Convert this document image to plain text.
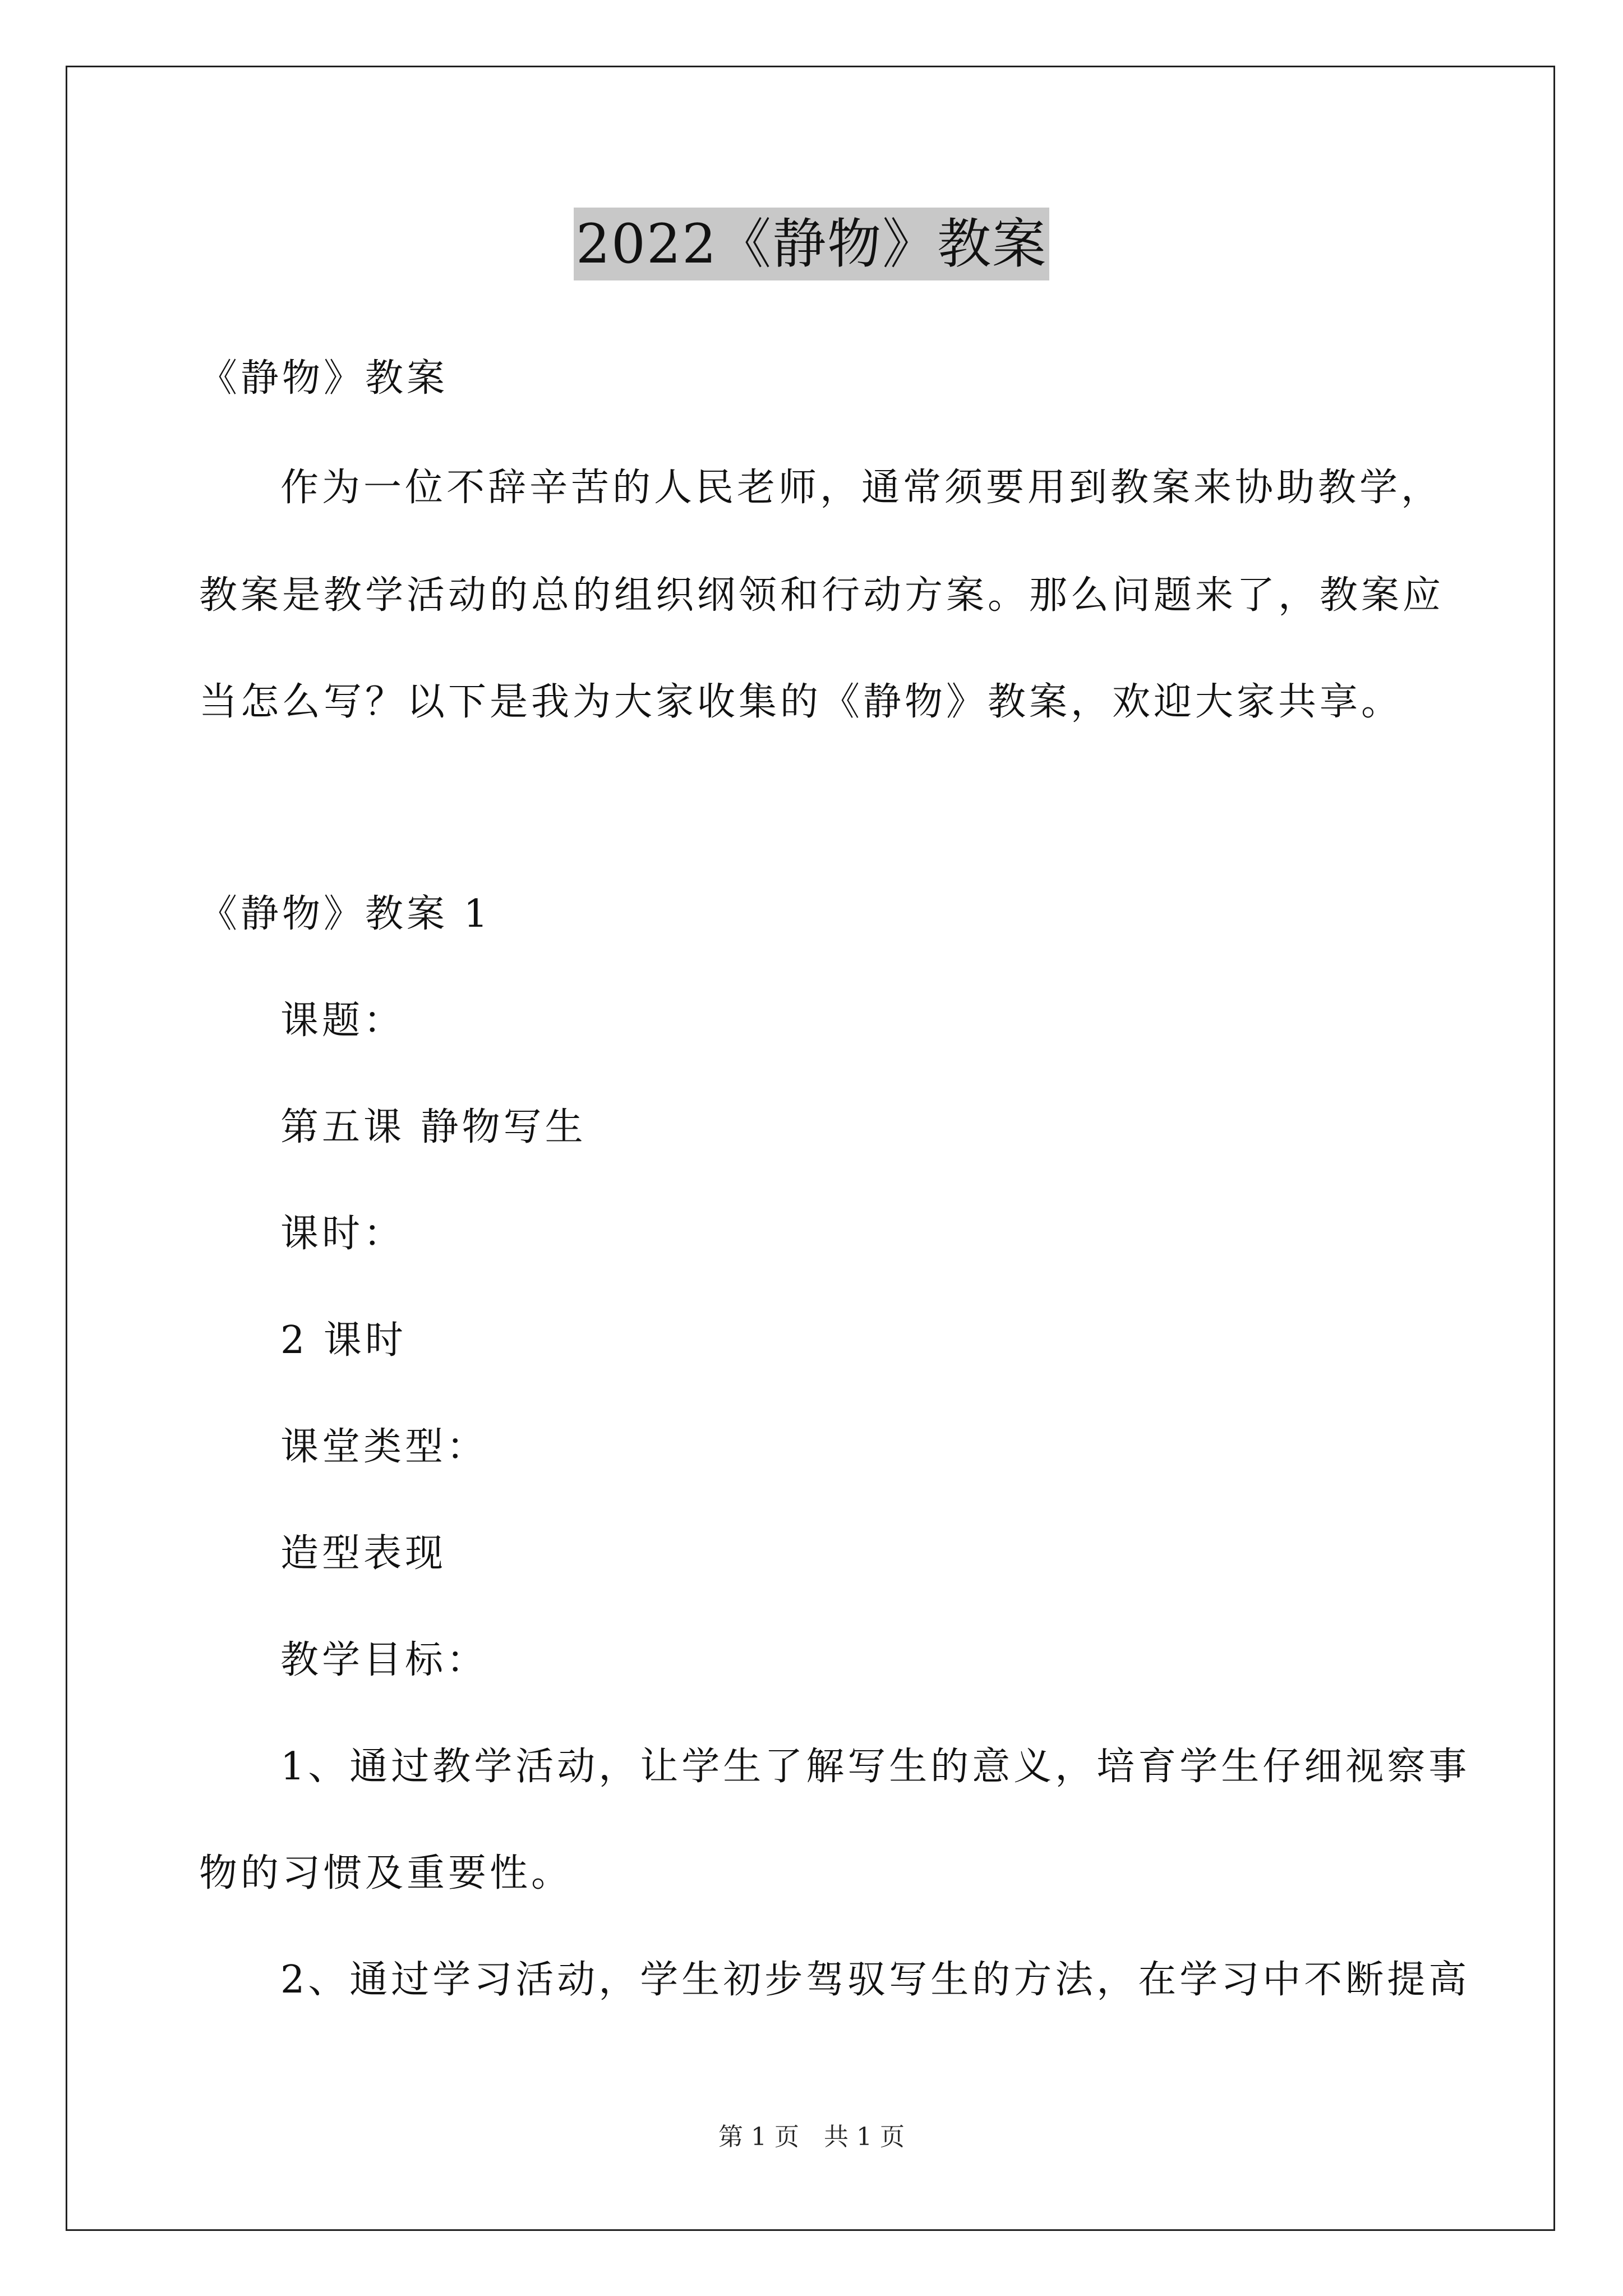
2022《静物》教案
《静物》教案
作为一位不辞辛苦的人民老师，通常须要用到教案来协助教学，
教案是教学活动的总的组织纲领和行动方案。那么问题来了，教案应
当怎么写？以下是我为大家收集的《静物》教案，欢迎大家共享。
《静物》教案 1
课题：
第五课 静物写生
课时：
2 课时
课堂类型：
造型表现
教学目标：
1、通过教学活动，让学生了解写生的意义，培育学生仔细视察事
物的习惯及重要性。
2、通过学习活动，学生初步驾驭写生的方法，在学习中不断提高
第 1 页　共 1 页
